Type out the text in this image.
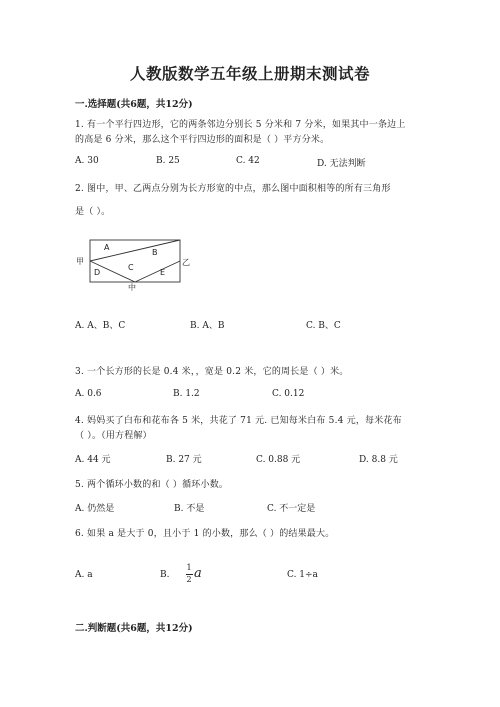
人教版数学五年级上册期末测试卷
一.选择题(共6题，共12分)
1. 有一个平行四边形，它的两条邻边分别长 5 分米和 7 分米，如果其中一条边上
的高是 6 分米，那么这个平行四边形的面积是（ ）平方分米。
A. 30	B. 25	C. 42	D. 无法判断
2. 图中，甲、乙两点分别为长方形宽的中点，那么图中面积相等的所有三角形
是（ ）。
甲	乙
中
A
B
C
D	E
A. A、B、C	B. A、B	C. B、C
3. 一个长方形的长是 0.4 米，，宽是 0.2 米，它的周长是（ ）米。
A. 0.6	B. 1.2	C. 0.12
4. 妈妈买了白布和花布各 5 米，共花了 71 元. 已知每米白布 5.4 元，每米花布
（ ）。（用方程解）
A. 44 元	B. 27 元	C. 0.88 元	D. 8.8 元
5. 两个循环小数的和（ ）循环小数。
A. 仍然是	B. 不是	C. 不一定是
6. 如果 a 是大于 0，且小于 1 的小数，那么（ ）的结果最大。
A. a	B.
1
2 a	C. 1÷a
二.判断题(共6题，共12分)
